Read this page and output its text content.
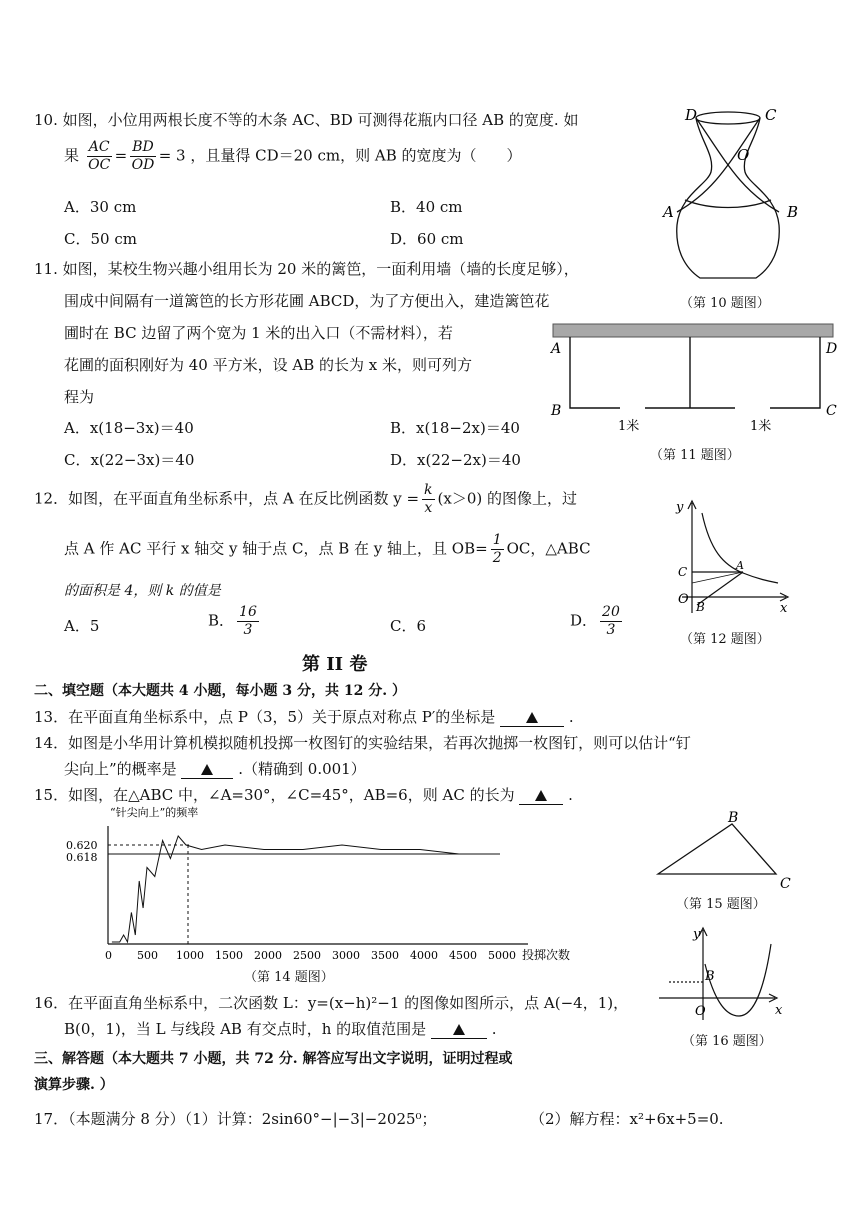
10. 如图，小位用两根长度不等的木条 AC、BD 可测得花瓶内口径 AB 的宽度. 如
果 $\frac{AC}{OC} = \frac{BD}{OD} = 3$ ，且量得 CD＝20 cm，则 AB 的宽度为（　　）
A．30 cm	B．40 cm
C．50 cm	D．60 cm
D	C
O
A	B
（第 10 题图）
11. 如图，某校生物兴趣小组用长为 20 米的篱笆，一面利用墙（墙的长度足够），
围成中间隔有一道篱笆的长方形花圃 ABCD，为了方便出入，建造篱笆花
圃时在 BC 边留了两个宽为 1 米的出入口（不需材料），若
花圃的面积刚好为 40 平方米，设 AB 的长为 x 米，则可列方
程为
A．x(18−3x)＝40	B．x(18−2x)＝40
C．x(22−3x)＝40	D．x(22−2x)＝40
A	D
B	C
1米	1米
（第 11 题图）
12．如图，在平面直角坐标系中，点 A 在反比例函数 $y = \frac{k}{x} (x>0)$ 的图像上，过
点 A 作 AC 平行 x 轴交 y 轴于点 C，点 B 在 y 轴上，且 $OB= \frac{1}{2}$ OC，△ABC
的面积是 4，则 k 的值是
A．5	B． $\frac{16}{3}$	C．6	D． $\frac{20}{3}$
y
x
C	A
O B
（第 12 题图）
第 II 卷
二、填空题（本大题共 4 小题，每小题 3 分，共 12 分. ）
13．在平面直角坐标系中，点 P（3，5）关于原点对称点 P′的坐标是	.
14．如图是小华用计算机模拟随机投掷一枚图钉的实验结果，若再次抛掷一枚图钉，则可以估计“钉
尖向上”的概率是	.（精确到 0.001）
15．如图，在△ABC 中，∠A=30°，∠C=45°，AB=6，则 AC 的长为	.
“针尖向上”的频率
0.620
0.618
投掷次数
0 500 1000 1500 2000 2500 3000 3500 4000 4500 5000
（第 14 题图）
B
C
（第 15 题图）
y
x
O
B
（第 16 题图）
16．在平面直角坐标系中，二次函数 L：y=(x−h)²−1 的图像如图所示，点 A(−4，1)，
B(0，1)，当 L 与线段 AB 有交点时，h 的取值范围是	.
三、解答题（本大题共 7 小题，共 72 分. 解答应写出文字说明，证明过程或
演算步骤. ）
17．（本题满分 8 分）（1）计算：2sin60°−|−3|−2025⁰；	（2）解方程：x²+6x+5=0.
